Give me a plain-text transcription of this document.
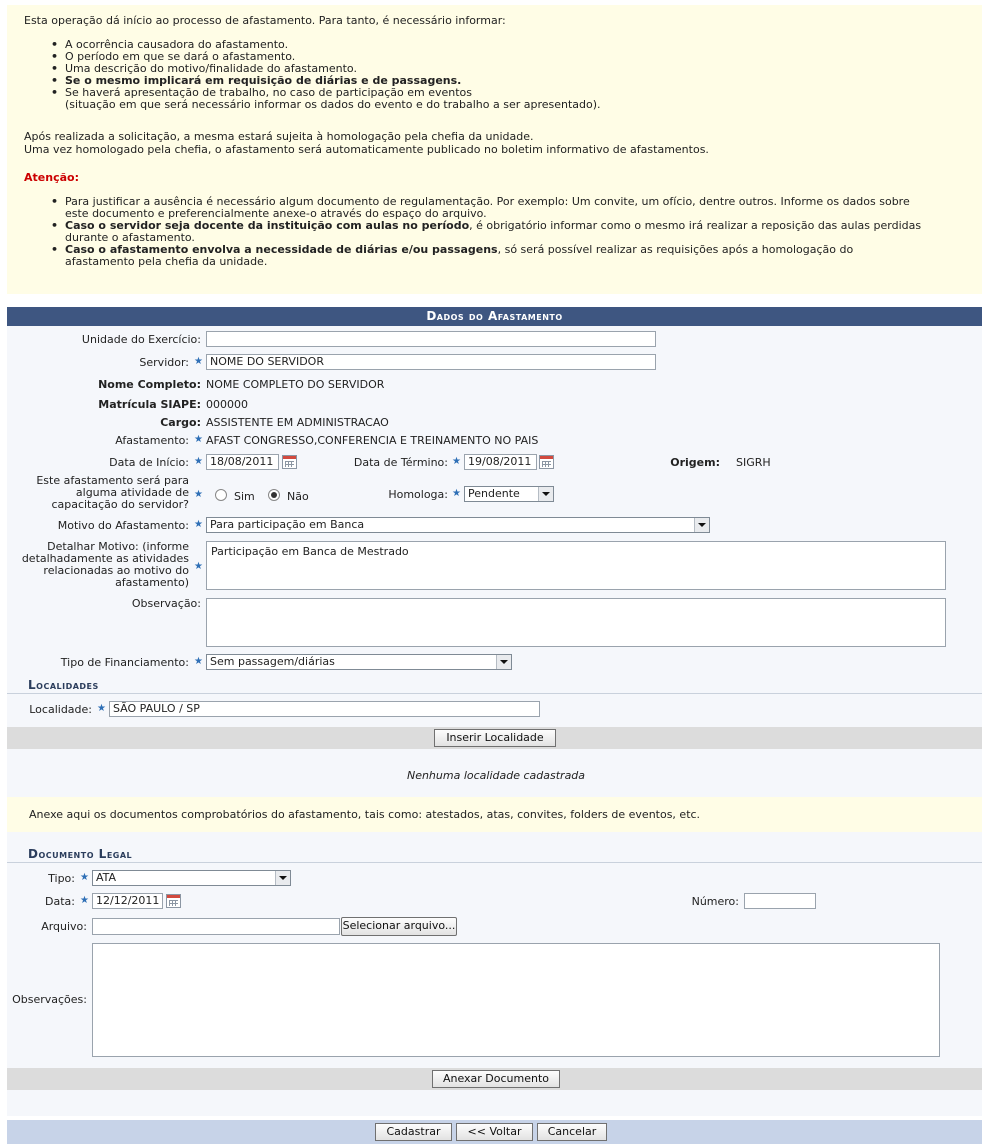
Esta operação dá início ao processo de afastamento. Para tanto, é necessário informar:

• A ocorrência causadora do afastamento.
• O período em que se dará o afastamento.
• Uma descrição do motivo/finalidade do afastamento.
• Se o mesmo implicará em requisição de diárias e de passagens.
• Se haverá apresentação de trabalho, no caso de participação em eventos
(situação em que será necessário informar os dados do evento e do trabalho a ser apresentado).

Após realizada a solicitação, a mesma estará sujeita à homologação pela chefia da unidade.

Uma vez homologado pela chefia, o afastamento será automaticamente publicado no boletim informativo de afastamentos.

Atenção:

• Para justificar a ausência é necessário algum documento de regulamentação. Por exemplo: Um convite, um ofício, dentre outros. Informe os dados sobre
este documento e preferencialmente anexe-o através do espaço do arquivo.
• Caso o servidor seja docente da instituição com aulas no período, é obrigatório informar como o mesmo irá realizar a reposição das aulas perdidas
durante o afastamento.
• Caso o afastamento envolva a necessidade de diárias e/ou passagens, só será possível realizar as requisições após a homologação do
afastamento pela chefia da unidade.
Dados do Afastamento
Unidade do Exercício:
Servidor: ★ NOME DO SERVIDOR
Nome Completo: NOME COMPLETO DO SERVIDOR
Matrícula SIAPE: 000000
Cargo: ASSISTENTE EM ADMINISTRACAO
Afastamento: ★ AFAST CONGRESSO,CONFERENCIA E TREINAMENTO NO PAIS
Data de Início: ★ 18/08/2011	Data de Término: ★ 19/08/2011	Origem: SIGRH
Este afastamento será para
alguma atividade de
capacitação do servidor?
★	Sim	Não	Homologa: ★ Pendente
Motivo do Afastamento: ★ Para participação em Banca
Detalhar Motivo: (informe
detalhadamente as atividades
relacionadas ao motivo do
afastamento)
★
Participação em Banca de Mestrado
Observação:
Tipo de Financiamento: ★ Sem passagem/diárias
Localidades
Localidade: ★ SÃO PAULO / SP
Inserir Localidade
Nenhuma localidade cadastrada
Anexe aqui os documentos comprobatórios do afastamento, tais como: atestados, atas, convites, folders de eventos, etc.
Documento Legal
Tipo: ★ ATA
Data: ★ 12/12/2011	Número:
Arquivo:	Selecionar arquivo...
Observações:
Anexar Documento
Cadastrar	<< Voltar	Cancelar
